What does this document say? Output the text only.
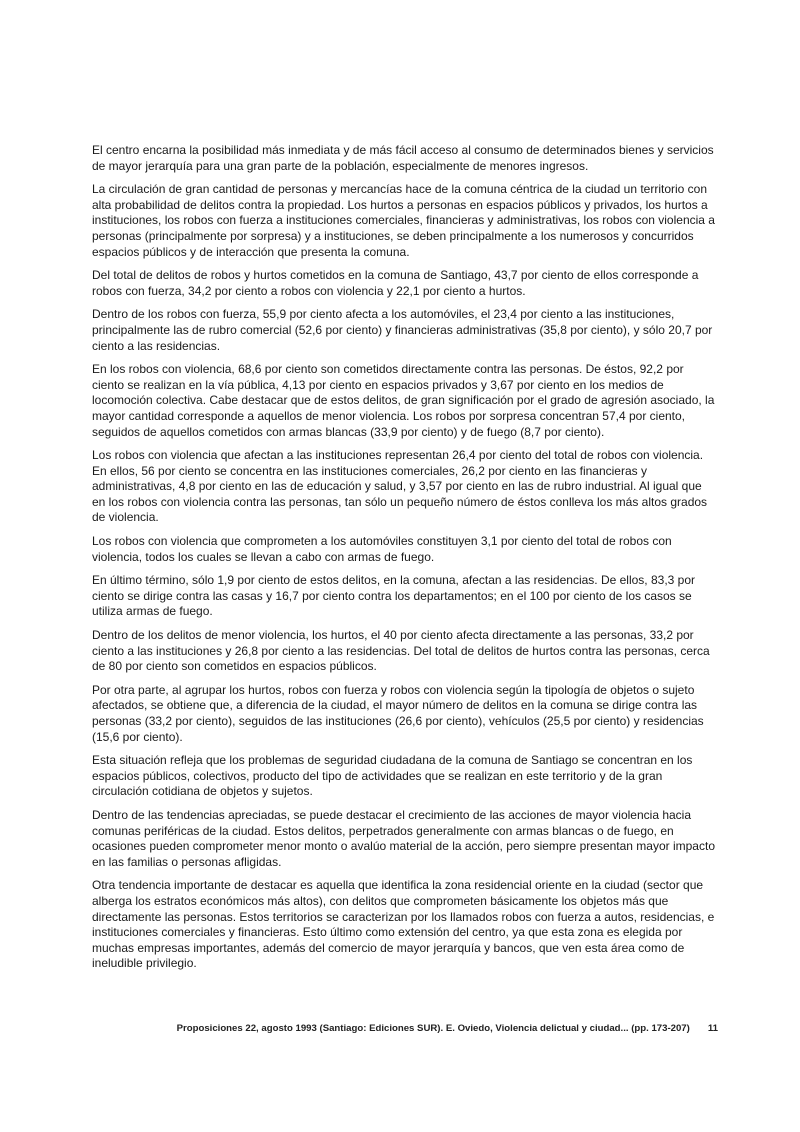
El centro encarna la posibilidad más inmediata y de más fácil acceso al consumo de determinados bienes y servicios de mayor jerarquía para una gran parte de la población, especialmente de menores ingresos.

La circulación de gran cantidad de personas y mercancías hace de la comuna céntrica de la ciudad un territorio con alta probabilidad de delitos contra la propiedad. Los hurtos a personas en espacios públicos y privados, los hurtos a instituciones, los robos con fuerza a instituciones comerciales, financieras y administrativas, los robos con violencia a personas (principalmente por sorpresa) y a instituciones, se deben principalmente a los numerosos y concurridos espacios públicos y de interacción que presenta la comuna.

Del total de delitos de robos y hurtos cometidos en la comuna de Santiago, 43,7 por ciento de ellos corresponde a robos con fuerza, 34,2 por ciento a robos con violencia y 22,1 por ciento a hurtos.

Dentro de los robos con fuerza, 55,9 por ciento afecta a los automóviles, el 23,4 por ciento a las instituciones, principalmente las de rubro comercial (52,6 por ciento) y financieras administrativas (35,8 por ciento), y sólo 20,7 por ciento a las residencias.

En los robos con violencia, 68,6 por ciento son cometidos directamente contra las personas. De éstos, 92,2 por ciento se realizan en la vía pública, 4,13 por ciento en espacios privados y 3,67 por ciento en los medios de locomoción colectiva. Cabe destacar que de estos delitos, de gran significación por el grado de agresión asociado, la mayor cantidad corresponde a aquellos de menor violencia. Los robos por sorpresa concentran 57,4 por ciento, seguidos de aquellos cometidos con armas blancas (33,9 por ciento) y de fuego (8,7 por ciento).

Los robos con violencia que afectan a las instituciones representan 26,4 por ciento del total de robos con violencia. En ellos, 56 por ciento se concentra en las instituciones comerciales, 26,2 por ciento en las financieras y administrativas, 4,8 por ciento en las de educación y salud, y 3,57 por ciento en las de rubro industrial. Al igual que en los robos con violencia contra las personas, tan sólo un pequeño número de éstos conlleva los más altos grados de violencia.

Los robos con violencia que comprometen a los automóviles constituyen 3,1 por ciento del total de robos con violencia, todos los cuales se llevan a cabo con armas de fuego.

En último término, sólo 1,9 por ciento de estos delitos, en la comuna, afectan a las residencias. De ellos, 83,3 por ciento se dirige contra las casas y 16,7 por ciento contra los departamentos; en el 100 por ciento de los casos se utiliza armas de fuego.

Dentro de los delitos de menor violencia, los hurtos, el 40 por ciento afecta directamente a las personas, 33,2 por ciento a las instituciones y 26,8 por ciento a las residencias. Del total de delitos de hurtos contra las personas, cerca de 80 por ciento son cometidos en espacios públicos.

Por otra parte, al agrupar los hurtos, robos con fuerza y robos con violencia según la tipología de objetos o sujeto afectados, se obtiene que, a diferencia de la ciudad, el mayor número de delitos en la comuna se dirige contra las personas (33,2 por ciento), seguidos de las instituciones (26,6 por ciento), vehículos (25,5 por ciento) y residencias (15,6 por ciento).

Esta situación refleja que los problemas de seguridad ciudadana de la comuna de Santiago se concentran en los espacios públicos, colectivos, producto del tipo de actividades que se realizan en este territorio y de la gran circulación cotidiana de objetos y sujetos.

Dentro de las tendencias apreciadas, se puede destacar el crecimiento de las acciones de mayor violencia hacia comunas periféricas de la ciudad. Estos delitos, perpetrados generalmente con armas blancas o de fuego, en ocasiones pueden comprometer menor monto o avalúo material de la acción, pero siempre presentan mayor impacto en las familias o personas afligidas.

Otra tendencia importante de destacar es aquella que identifica la zona residencial oriente en la ciudad (sector que alberga los estratos económicos más altos), con delitos que comprometen básicamente los objetos más que directamente las personas. Estos territorios se caracterizan por los llamados robos con fuerza a autos, residencias, e instituciones comerciales y financieras. Esto último como extensión del centro, ya que esta zona es elegida por muchas empresas importantes, además del comercio de mayor jerarquía y bancos, que ven esta área como de ineludible privilegio.

Proposiciones 22, agosto 1993 (Santiago: Ediciones SUR). E. Oviedo, Violencia delictual y ciudad... (pp. 173-207) 11
